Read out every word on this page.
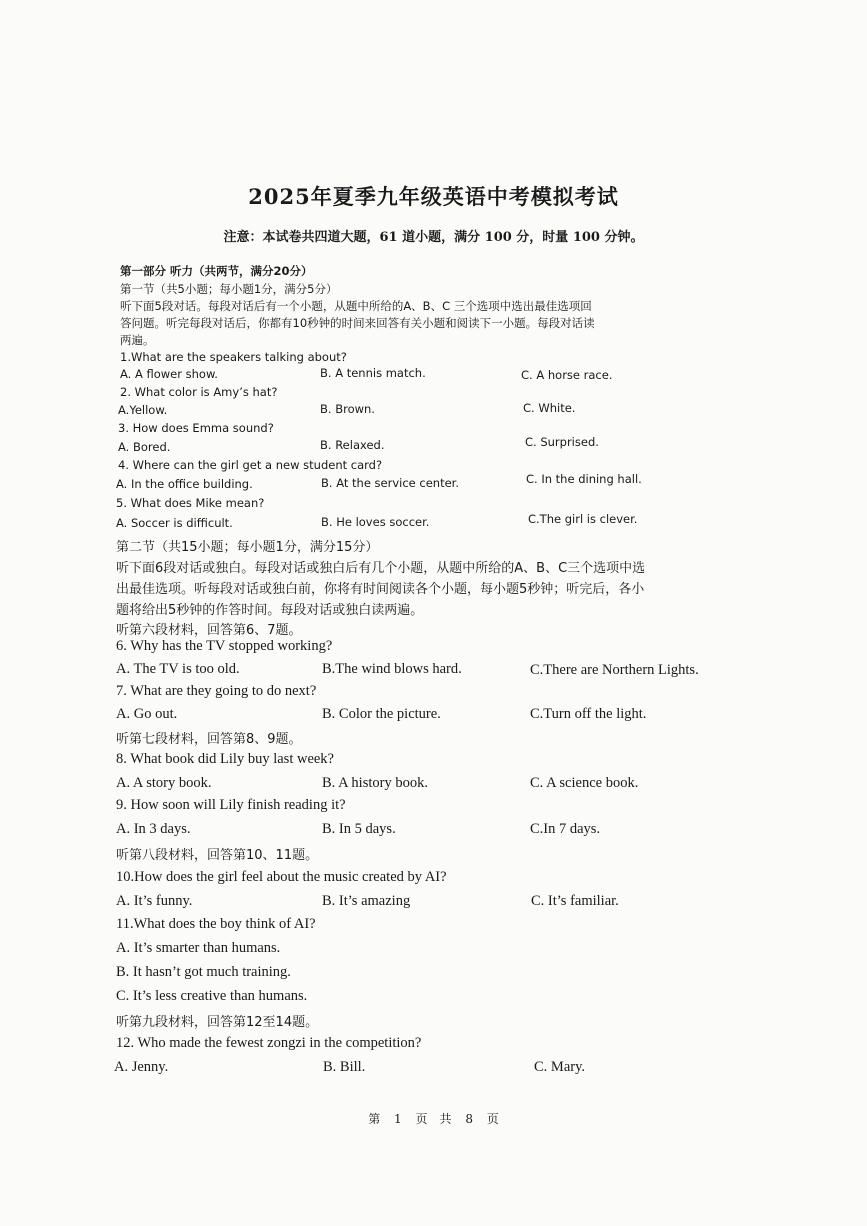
2025年夏季九年级英语中考模拟考试
注意：本试卷共四道大题，61 道小题，满分 100 分，时量 100 分钟。
第一部分 听力（共两节，满分20分）
第一节（共5小题；每小题1分，满分5分）
听下面5段对话。每段对话后有一个小题，从题中所给的A、B、C 三个选项中选出最佳选项回
答问题。听完每段对话后，你都有10秒钟的时间来回答有关小题和阅读下一小题。每段对话读
两遍。
1.What are the speakers talking about?
A. A flower show.	B. A tennis match.	C. A horse race.
2. What color is Amy’s hat?
A.Yellow.	B. Brown.	C. White.
3. How does Emma sound?
A. Bored.	B. Relaxed.	C. Surprised.
4. Where can the girl get a new student card?
A. In the office building.	B. At the service center.	C. In the dining hall.
5. What does Mike mean?
A. Soccer is difficult.	B. He loves soccer.	C.The girl is clever.
第二节（共15小题；每小题1分，满分15分）
听下面6段对话或独白。每段对话或独白后有几个小题，从题中所给的A、B、C三个选项中选
出最佳选项。听每段对话或独白前，你将有时间阅读各个小题，每小题5秒钟；听完后，各小
题将给出5秒钟的作答时间。每段对话或独白读两遍。
听第六段材料，回答第6、7题。
6. Why has the TV stopped working?
A. The TV is too old.	B.The wind blows hard.	C.There are Northern Lights.
7. What are they going to do next?
A. Go out.	B. Color the picture.	C.Turn off the light.
听第七段材料，回答第8、9题。
8. What book did Lily buy last week?
A. A story book.	B. A history book.	C. A science book.
9. How soon will Lily finish reading it?
A. In 3 days.	B. In 5 days.	C.In 7 days.
听第八段材料，回答第10、11题。
10.How does the girl feel about the music created by AI?
A. It’s funny.	B. It’s amazing	C. It’s familiar.
11.What does the boy think of AI?
A. It’s smarter than humans.
B. It hasn’t got much training.
C. It’s less creative than humans.
听第九段材料，回答第12至14题。
12. Who made the fewest zongzi in the competition?
A. Jenny.	B. Bill.	C. Mary.
第 1 页　共 8 页
